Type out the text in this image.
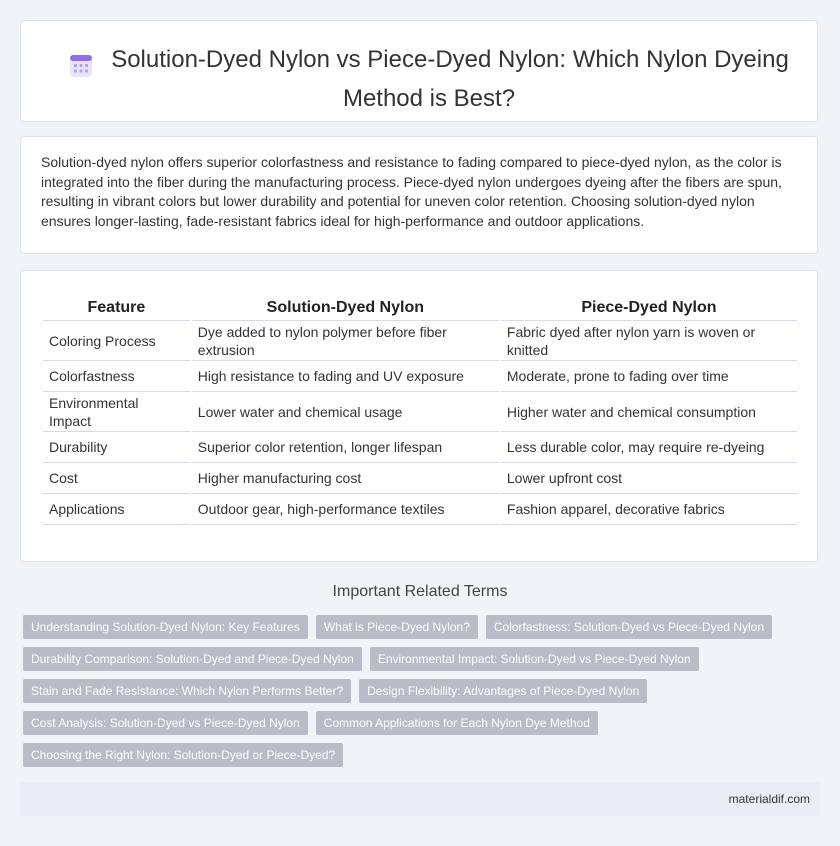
Solution-Dyed Nylon vs Piece-Dyed Nylon: Which Nylon Dyeing Method is Best?

Solution-dyed nylon offers superior colorfastness and resistance to fading compared to piece-dyed nylon, as the color is integrated into the fiber during the manufacturing process. Piece-dyed nylon undergoes dyeing after the fibers are spun, resulting in vibrant colors but lower durability and potential for uneven color retention. Choosing solution-dyed nylon ensures longer-lasting, fade-resistant fabrics ideal for high-performance and outdoor applications.

Feature	Solution-Dyed Nylon	Piece-Dyed Nylon
Coloring Process	Dye added to nylon polymer before fiber extrusion	Fabric dyed after nylon yarn is woven or knitted
Colorfastness	High resistance to fading and UV exposure	Moderate, prone to fading over time
Environmental Impact	Lower water and chemical usage	Higher water and chemical consumption
Durability	Superior color retention, longer lifespan	Less durable color, may require re-dyeing
Cost	Higher manufacturing cost	Lower upfront cost
Applications	Outdoor gear, high-performance textiles	Fashion apparel, decorative fabrics
Important Related Terms
Understanding Solution-Dyed Nylon: Key Features	What is Piece-Dyed Nylon?	Colorfastness: Solution-Dyed vs Piece-Dyed Nylon
Durability Comparison: Solution-Dyed and Piece-Dyed Nylon	Environmental Impact: Solution-Dyed vs Piece-Dyed Nylon
Stain and Fade Resistance: Which Nylon Performs Better?	Design Flexibility: Advantages of Piece-Dyed Nylon
Cost Analysis: Solution-Dyed vs Piece-Dyed Nylon	Common Applications for Each Nylon Dye Method
Choosing the Right Nylon: Solution-Dyed or Piece-Dyed?
materialdif.com
